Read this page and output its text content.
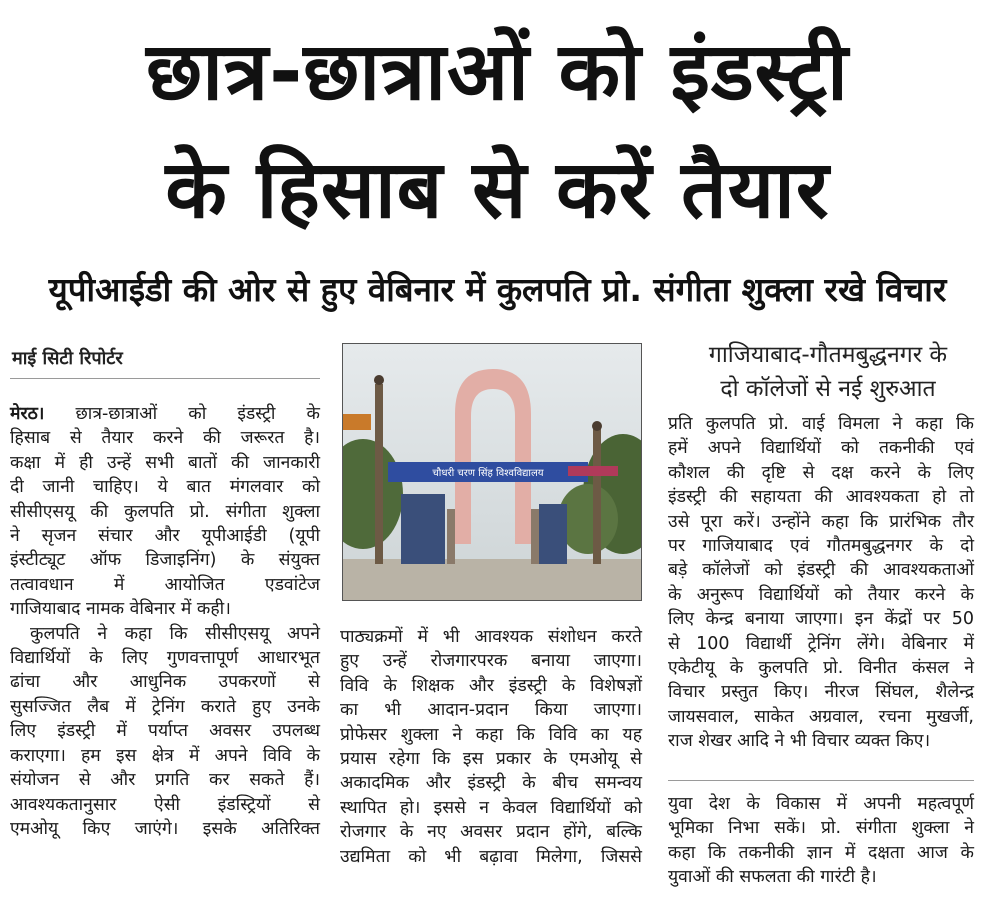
छात्र-छात्राओं को इंडस्ट्री
के हिसाब से करें तैयार
यूपीआईडी की ओर से हुए वेबिनार में कुलपति प्रो. संगीता शुक्ला रखे विचार
माई सिटी रिपोर्टर

मेरठ। छात्र-छात्राओं को इंडस्ट्री के

हिसाब से तैयार करने की जरूरत है।

कक्षा में ही उन्हें सभी बातों की जानकारी

दी जानी चाहिए। ये बात मंगलवार को

सीसीएसयू की कुलपति प्रो. संगीता शुक्ला

ने सृजन संचार और यूपीआईडी (यूपी

इंस्टीट्यूट ऑफ डिजाइनिंग) के संयुक्त

तत्वावधान में आयोजित एडवांटेज

गाजियाबाद नामक वेबिनार में कही।

कुलपति ने कहा कि सीसीएसयू अपने

विद्यार्थियों के लिए गुणवत्तापूर्ण आधारभूत

ढांचा और आधुनिक उपकरणों से

सुसज्जित लैब में ट्रेनिंग कराते हुए उनके

लिए इंडस्ट्री में पर्याप्त अवसर उपलब्ध

कराएगा। हम इस क्षेत्र में अपने विवि के

संयोजन से और प्रगति कर सकते हैं।

आवश्यकतानुसार ऐसी इंडस्ट्रियों से

एमओयू किए जाएंगे। इसके अतिरिक्त

चौधरी चरण सिंह विश्वविद्यालय

पाठ्यक्रमों में भी आवश्यक संशोधन करते

हुए उन्हें रोजगारपरक बनाया जाएगा।

विवि के शिक्षक और इंडस्ट्री के विशेषज्ञों

का भी आदान-प्रदान किया जाएगा।

प्रोफेसर शुक्ला ने कहा कि विवि का यह

प्रयास रहेगा कि इस प्रकार के एमओयू से

अकादमिक और इंडस्ट्री के बीच समन्वय

स्थापित हो। इससे न केवल विद्यार्थियों को

रोजगार के नए अवसर प्रदान होंगे, बल्कि

उद्यमिता को भी बढ़ावा मिलेगा, जिससे

गाजियाबाद-गौतमबुद्धनगर के
दो कॉलेजों से नई शुरुआत

प्रति कुलपति प्रो. वाई विमला ने कहा कि

हमें अपने विद्यार्थियों को तकनीकी एवं

कौशल की दृष्टि से दक्ष करने के लिए

इंडस्ट्री की सहायता की आवश्यकता हो तो

उसे पूरा करें। उन्होंने कहा कि प्रारंभिक तौर

पर गाजियाबाद एवं गौतमबुद्धनगर के दो

बड़े कॉलेजों को इंडस्ट्री की आवश्यकताओं

के अनुरूप विद्यार्थियों को तैयार करने के

लिए केन्द्र बनाया जाएगा। इन केंद्रों पर 50

से 100 विद्यार्थी ट्रेनिंग लेंगे। वेबिनार में

एकेटीयू के कुलपति प्रो. विनीत कंसल ने

विचार प्रस्तुत किए। नीरज सिंघल, शैलेन्द्र

जायसवाल, साकेत अग्रवाल, रचना मुखर्जी,

राज शेखर आदि ने भी विचार व्यक्त किए।

युवा देश के विकास में अपनी महत्वपूर्ण

भूमिका निभा सकें। प्रो. संगीता शुक्ला ने

कहा कि तकनीकी ज्ञान में दक्षता आज के

युवाओं की सफलता की गारंटी है।
